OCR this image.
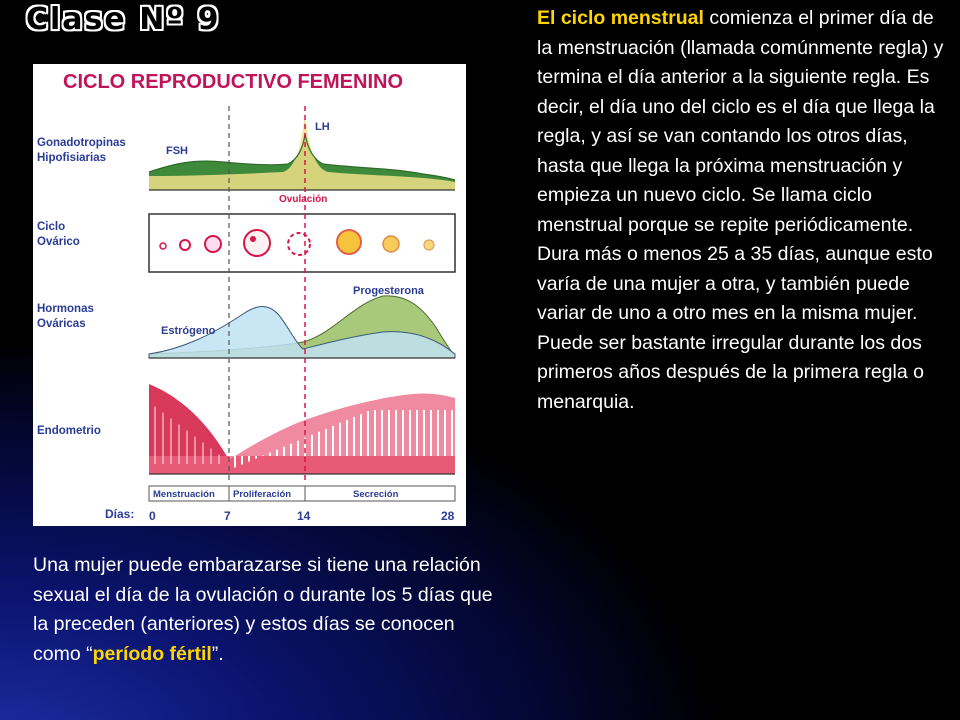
Clase Nº 9	El ciclo menstrual comienza el primer día de la menstruación (llamada comúnmente regla) y termina el día anterior a la siguiente regla. Es decir, el día uno del ciclo es el día que llega la regla, y así se van contando los otros días, hasta que llega la próxima menstruación y empieza un nuevo ciclo. Se llama ciclo menstrual porque se repite periódicamente. Dura más o menos 25 a 35 días, aunque esto varía de una mujer a otra, y también puede variar de uno a otro mes en la misma mujer. Puede ser bastante irregular durante los dos primeros años después de la primera regla o menarquia.

Una mujer puede embarazarse si tiene una relación sexual el día de la ovulación o durante los 5 días que la preceden (anteriores) y estos días se conocen como “período fértil”.

CICLO REPRODUCTIVO FEMENINO
Gonadotropinas
Hipofisiarias
Ciclo
Ovárico
Hormonas
Ováricas
Endometrio
FSH
LH
Ovulación
Estrógeno
Progesterona
Menstruación Proliferación	Secreción
Días: 0	7	14	28
